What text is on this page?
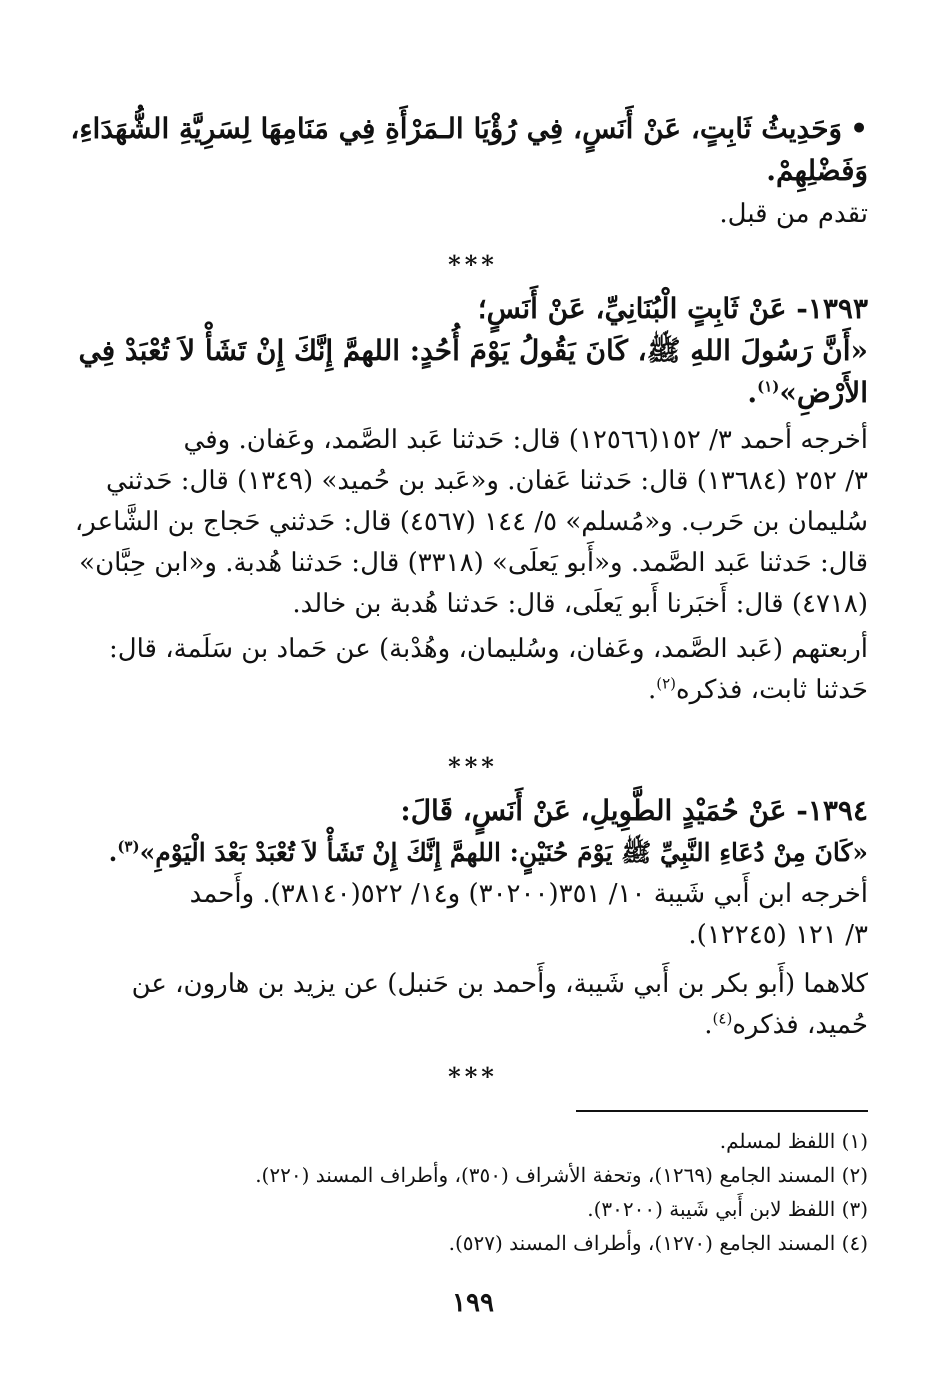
•وَحَدِيثُ ثَابِتٍ، عَنْ أَنَسٍ، فِي رُؤْيَا الـمَرْأَةِ فِي مَنَامِهَا لِسَرِيَّةِ الشُّهَدَاءِ،
وَفَضْلِهِمْ.
تقدم من قبل.
***
١٣٩٣- عَنْ ثَابِتٍ الْبُنَانِيِّ، عَنْ أَنَسٍ؛
«أَنَّ رَسُولَ اللهِ ﷺ، كَانَ يَقُولُ يَوْمَ أُحُدٍ: اللهمَّ إِنَّكَ إِنْ تَشَأْ لاَ تُعْبَدْ فِي
الأَرْضِ»$^{(١)}$.
أخرجه أحمد ٣/ ١٥٢(١٢٥٦٦) قال: حَدثنا عَبد الصَّمد، وعَفان. وفي
٣/ ٢٥٢ (١٣٦٨٤) قال: حَدثنا عَفان. و«عَبد بن حُميد» (١٣٤٩) قال: حَدثني
سُليمان بن حَرب. و«مُسلم» ٥/ ١٤٤ (٤٥٦٧) قال: حَدثني حَجاج بن الشَّاعر،
قال: حَدثنا عَبد الصَّمد. و«أَبو يَعلَى» (٣٣١٨) قال: حَدثنا هُدبة. و«ابن حِبَّان»
(٤٧١٨) قال: أَخبَرنا أَبو يَعلَى، قال: حَدثنا هُدبة بن خالد.
أربعتهم (عَبد الصَّمد، وعَفان، وسُليمان، وهُدْبة) عن حَماد بن سَلَمة، قال:
حَدثنا ثابت، فذكره$^{(٢)}$.
***
١٣٩٤- عَنْ حُمَيْدٍ الطَّوِيلِ، عَنْ أَنَسٍ، قَالَ:
«كَانَ مِنْ دُعَاءِ النَّبِيِّ ﷺ يَوْمَ حُنَيْنٍ: اللهمَّ إِنَّكَ إِنْ تَشَأْ لاَ تُعْبَدْ بَعْدَ الْيَوْمِ»$^{(٣)}$.
أخرجه ابن أَبي شَيبة ١٠/ ٣٥١(٣٠٢٠٠) و١٤/ ٥٢٢(٣٨١٤٠). وأَحمد
٣/ ١٢١ (١٢٢٤٥).
كلاهما (أَبو بكر بن أَبي شَيبة، وأَحمد بن حَنبل) عن يزيد بن هارون، عن
حُميد، فذكره$^{(٤)}$.
***
(١) اللفظ لمسلم.
(٢) المسند الجامع (١٢٦٩)، وتحفة الأشراف (٣٥٠)، وأطراف المسند (٢٢٠).
(٣) اللفظ لابن أَبي شَيبة (٣٠٢٠٠).
(٤) المسند الجامع (١٢٧٠)، وأطراف المسند (٥٢٧).
١٩٩
